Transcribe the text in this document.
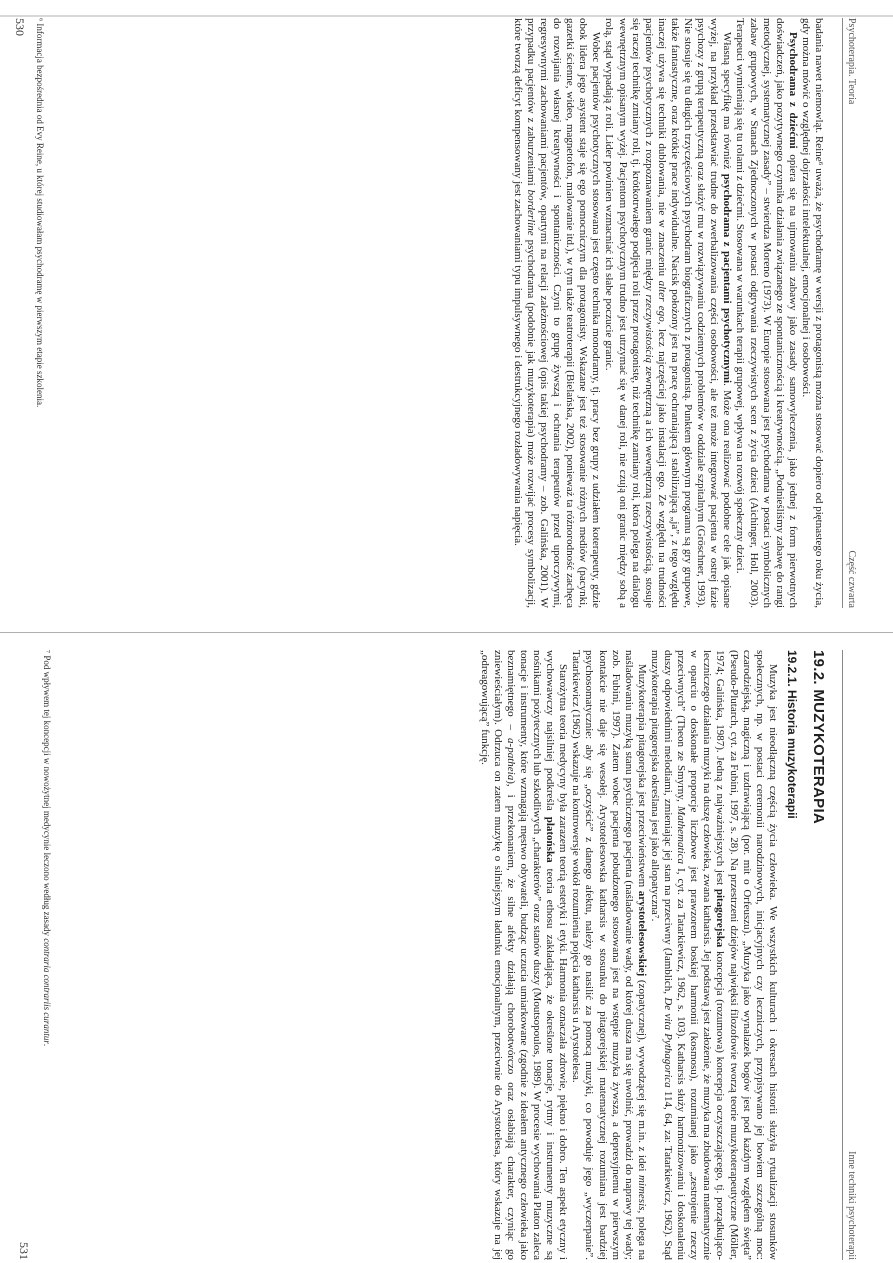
Psychoterapia. Teoria
Część czwarta

badania nawet niemowląt. Reine⁶ uważa, że psychodramę w wersji z protagonistą można stosować dopiero od piętnastego roku życia, gdy można mówić o względnej dojrzałości intelektualnej, emocjonalnej i osobowości.

Psychodrama z dziećmi opiera się na ujmowaniu zabawy jako zasady samowyleczenia, jako jednej z form pierwotnych doświadczeń, jako pozytywnego czynnika działania związanego ze spontanicznością i kreatywnością. „Podnieśliśmy zabawę do rangi metodycznej, systematycznej zasady” – stwierdza Moreno (1973). W Europie stosowana jest psychodrama w postaci symbolicznych zabaw grupowych, w Stanach Zjednoczonych w postaci odgrywania rzeczywistych scen z życia dzieci (Aichinger, Holl, 2003). Terapeuci wymieniają się tu rolami z dziećmi. Stosowana w warunkach terapii grupowej, wpływa na rozwój społeczny dzieci.

Własną specyfikę ma również psychodrama z pacjentami psychotycznymi. Może ona realizować podobne cele jak opisane wyżej, na przykład przedstawiać trudne do zwerbalizowania części osobowości, ale też może integrować pacjenta w ostrej fazie psychozy z grupą terapeutyczną oraz służyć mu w rozwiązywaniu codziennych problemów w oddziale szpitalnym (Gröschner, 1993). Nie stosuje się tu długich trzyczęściowych psychodram biograficznych z protagonistą. Punktem głównym programu są gry grupowe, także fantastyczne, oraz krótkie prace indywidualne. Nacisk położony jest na pracę ochraniającą i stabilizującą „ja”, z tego względu inaczej używa się techniki dublowania, nie w znaczeniu alter ego, lecz najczęściej jako instalacji ego. Ze względu na trudności pacjentów psychotycznych z rozpoznawaniem granic między rzeczywistością zewnętrzną a ich wewnętrzną rzeczywistością, stosuje się raczej technikę zmiany roli, tj. krótkotrwałego podjęcia roli przez protagonistę, niż technikę zamiany roli, która polega na dialogu wewnętrznym opisanym wyżej. Pacjentom psychotycznym trudno jest utrzymać się w danej roli, nie czują oni granic między sobą a rolą, stąd wypadają z roli. Lider powinien wzmacniać ich słabe poczucie granic.

Wobec pacjentów psychotycznych stosowana jest często technika monodramy, tj. pracy bez grupy z udziałem koterapeuty, gdzie obok lidera jego asystent staje się ego pomocniczym dla protagonisty. Wskazane jest też stosowanie różnych mediów (pacynki, gazetki ścienne, wideo, magnetofon, malowanie itd.), w tym także teatroterapii (Bielańska, 2002), ponieważ ta różnorodność zachęca do rozwijania własnej kreatywności i spontaniczności. Czyni to grupę żywszą i ochrania terapeutów przed uporczywymi, regresywnymi zachowaniami pacjentów, opartymi na relacji zależnościowej (opis takiej psychodramy – zob. Galińska, 2001). W przypadku pacjentów z zaburzeniami borderline psychodrama (podobnie jak muzykoterapia) może rozwijać procesy symbolizacji, które tworzą deficyt kompensowany jest zachowaniami typu impulsywnego i destrukcyjnego rozładowywania napięcia.

⁶ Informacja bezpośrednia od Evy Reine, u której studiowałam psychodramę w pierwszym etapie szkolenia.
530
Inne techniki psychoterapii
19.2. MUZYKOTERAPIA
19.2.1. Historia muzykoterapii

Muzyka jest nieodłączną częścią życia człowieka. We wszystkich kulturach i okresach historii służyła rytualizacji stosunków społecznych, np. w postaci ceremonii narodzinowych, inicjacyjnych czy leczniczych, przypisywano jej bowiem szczególną moc: czarodziejską, magiczną i uzdrawiającą (por. mit o Orfeuszu). „Muzyka jako wynalazek bogów jest pod każdym względem święta” (Pseudo-Plutarch, cyt. za Fubini, 1997, s. 28). Na przestrzeni dziejów najwięksi filozofowie tworzą teorie muzykoterapeutyczne (Möller, 1974; Galińska, 1987). Jedną z najważniejszych jest pitagorejska koncepcja (rozumowa) koncepcja oczyszczającego, tj. porządkująco-leczniczego działania muzyki na duszę człowieka, zwana katharsis. Jej podstawą jest założenie, że muzyka ma zbudowana matematycznie w oparciu o doskonałe proporcje liczbowe jest prawzorem boskiej harmonii (kosmosu), rozumianej jako „zestrojenie rzeczy przeciwnych” (Theon ze Smyrny, Mathematica I, cyt. za Tatarkiewicz, 1962, s. 103). Katharsis służy harmonizowaniu i doskonaleniu duszy odpowiednimi melodiami, zmieniając jej stan na przeciwny (Jamblich, De vita Pythagorica 114, 64, za: Tatarkiewicz, 1962). Stąd muzykoterapia pitagorejska określana jest jako allopatyczna⁷.

Muzykoterapia pitagorejska jest przeciwieństwem arystotelesowskiej (zopatycznej), wywodzącej się m.in. z idei mimesis, polega na naśladowaniu muzyką stanu psychicznego pacjenta (naśladowanie wady, od której dusza ma się uwolnić, prowadzi do naprawy tej wady; zob. Fubini, 1997). Zatem wobec pacjenta pobudzonego stosowana jest na wstępie muzyka żywsza, a depresyjnemu w pierwszym kontakcie nie daje się wesołej. Arystotelesowska katharsis w stosunku do pitagorejskiej matematycznej rozumiana jest bardziej psychosomatycznie: aby się „oczyścić” z danego afektu, należy go nasilić za pomocą muzyki, co powoduje jego „wyczerpanie”. Tatarkiewicz (1962) wskazuje na kontrowersje wokół rozumienia pojęcia katharsis u Arystotelesa.

Starożytna teoria medycyny była zarazem teorią estetyki i etyki. Harmonia oznaczała zdrowie, piękno i dobro. Ten aspekt etyczny i wychowawczy najsilniej podkreśla platońska teoria ethosu zakładająca, że określone tonacje, rytmy i instrumenty muzyczne są nośnikami pożytecznych lub szkodliwych „charakterów” oraz stanów duszy (Moutsopoulos, 1989). W procesie wychowania Platon zaleca tonacje i instrumenty, które wzmagają męstwo obywateli, budząc uczucia umiarkowane (zgodnie z ideałem antycznego człowieka jako beznamiętnego – a-patheia), i przekonaniem, że silne afekty działają chorobotwórczo oraz osłabiają charakter, czyniąc go zniewieściałym). Odrzuca on zatem muzykę o silniejszym ładunku emocjonalnym, przeciwnie do Arystotelesa, który wskazuje na jej „odreagowującą” funkcję.

⁷ Pod wpływem tej koncepcji w nowożytnej medycynie leczono według zasady contraria contrariis curantur.
531
